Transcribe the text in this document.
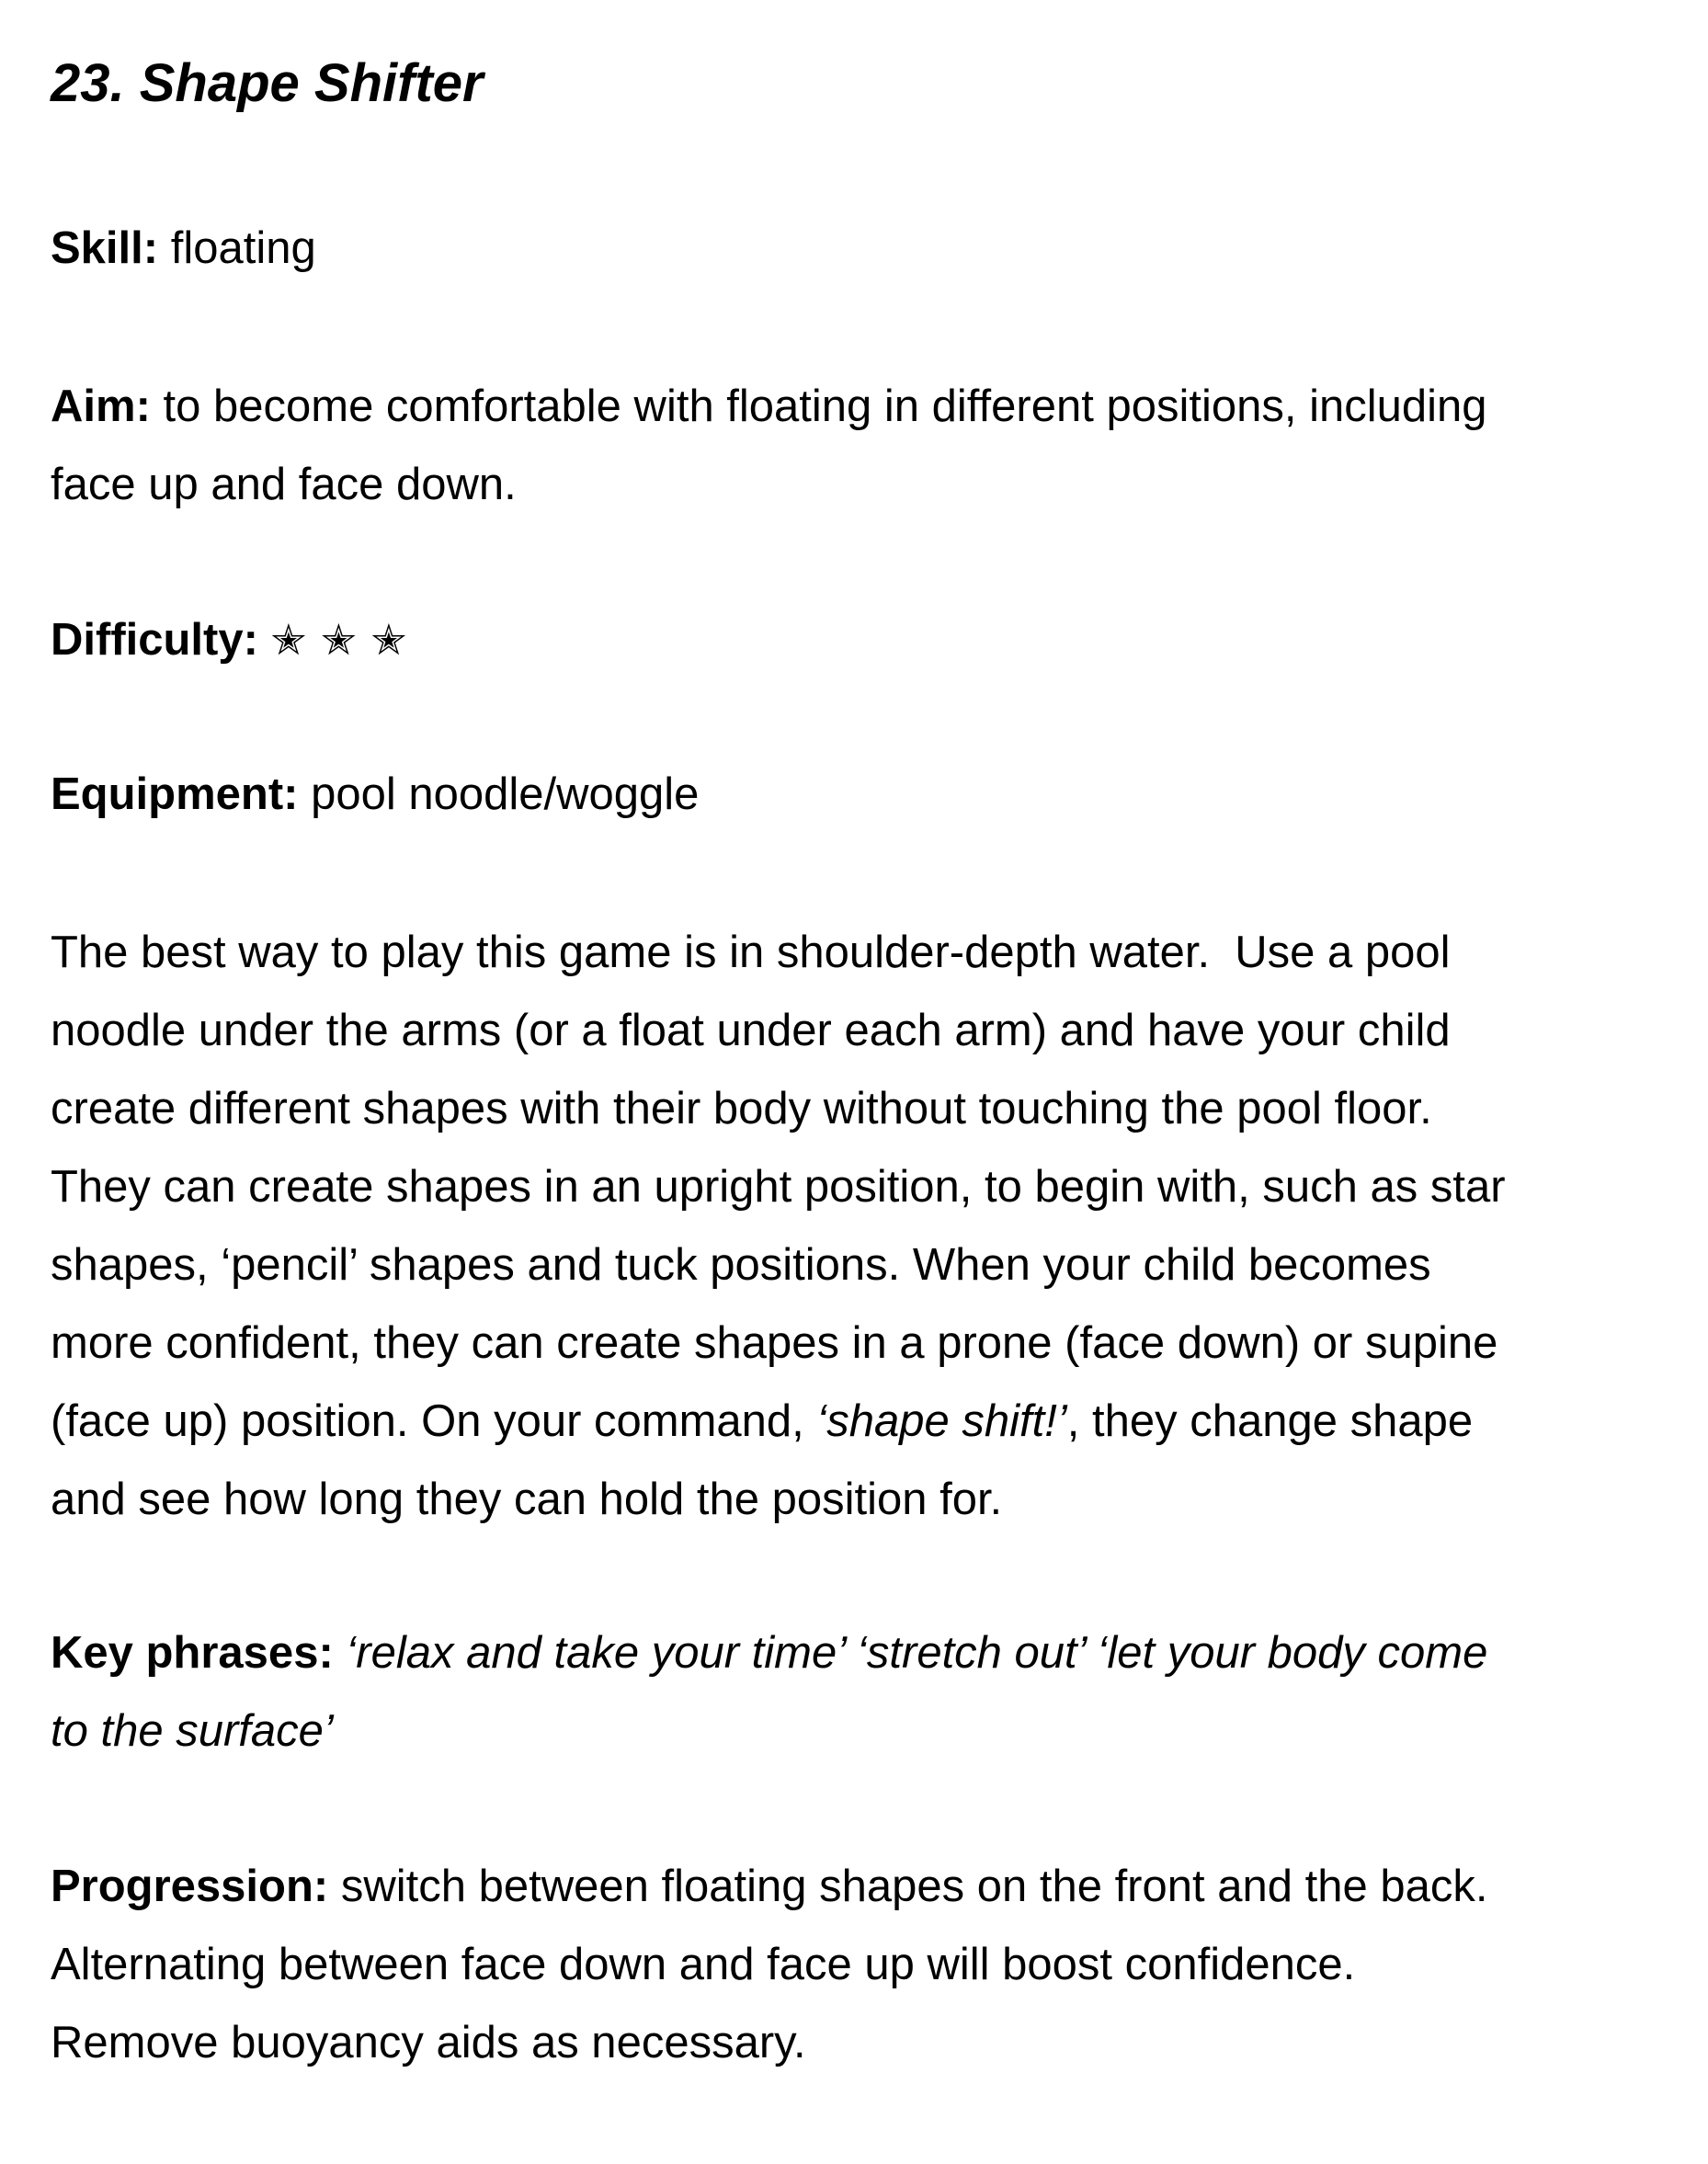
23. Shape Shifter

Skill: floating

Aim: to become comfortable with floating in different positions, including
face up and face down.

Difficulty: ✭✭✭

Equipment: pool noodle/woggle

The best way to play this game is in shoulder-depth water.  Use a pool
noodle under the arms (or a float under each arm) and have your child
create different shapes with their body without touching the pool floor.
They can create shapes in an upright position, to begin with, such as star
shapes, ‘pencil’ shapes and tuck positions. When your child becomes
more confident, they can create shapes in a prone (face down) or supine
(face up) position. On your command, ‘shape shift!’, they change shape
and see how long they can hold the position for.

Key phrases: ‘relax and take your time’ ‘stretch out’ ‘let your body come
to the surface’

Progression: switch between floating shapes on the front and the back.
Alternating between face down and face up will boost confidence.
Remove buoyancy aids as necessary.
